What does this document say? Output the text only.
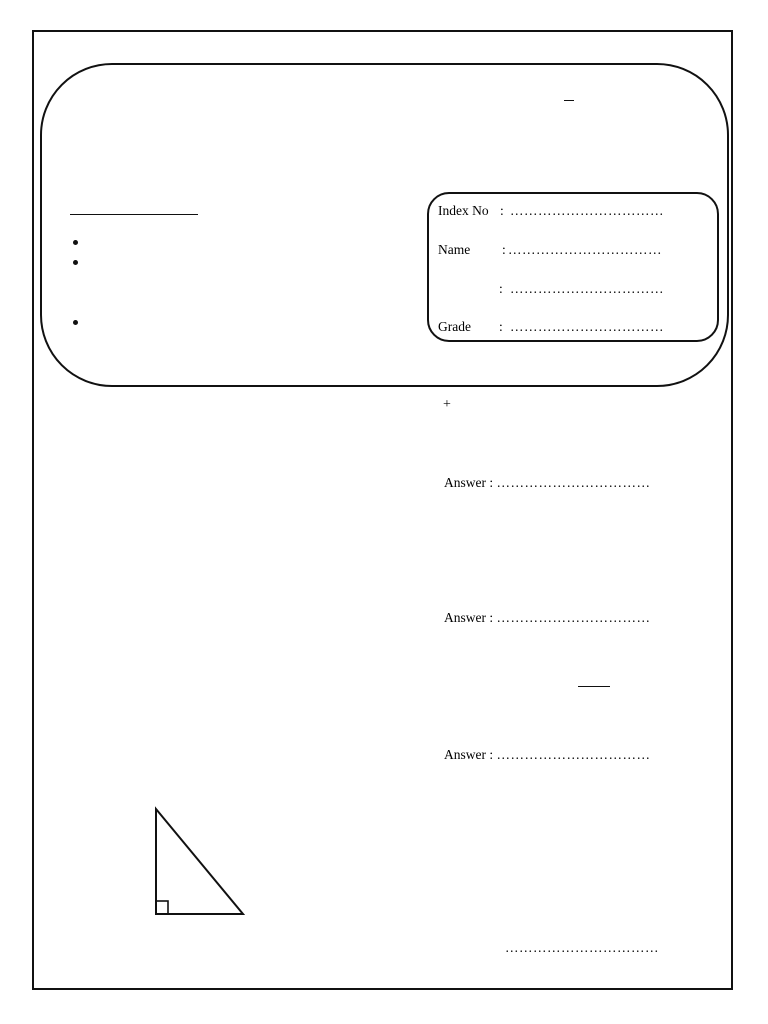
Index No : ……………………………
Name : ……………………………
: ……………………………
Grade : ……………………………
+
Answer : ……………………………
Answer : ……………………………
Answer : ……………………………
……………………………
